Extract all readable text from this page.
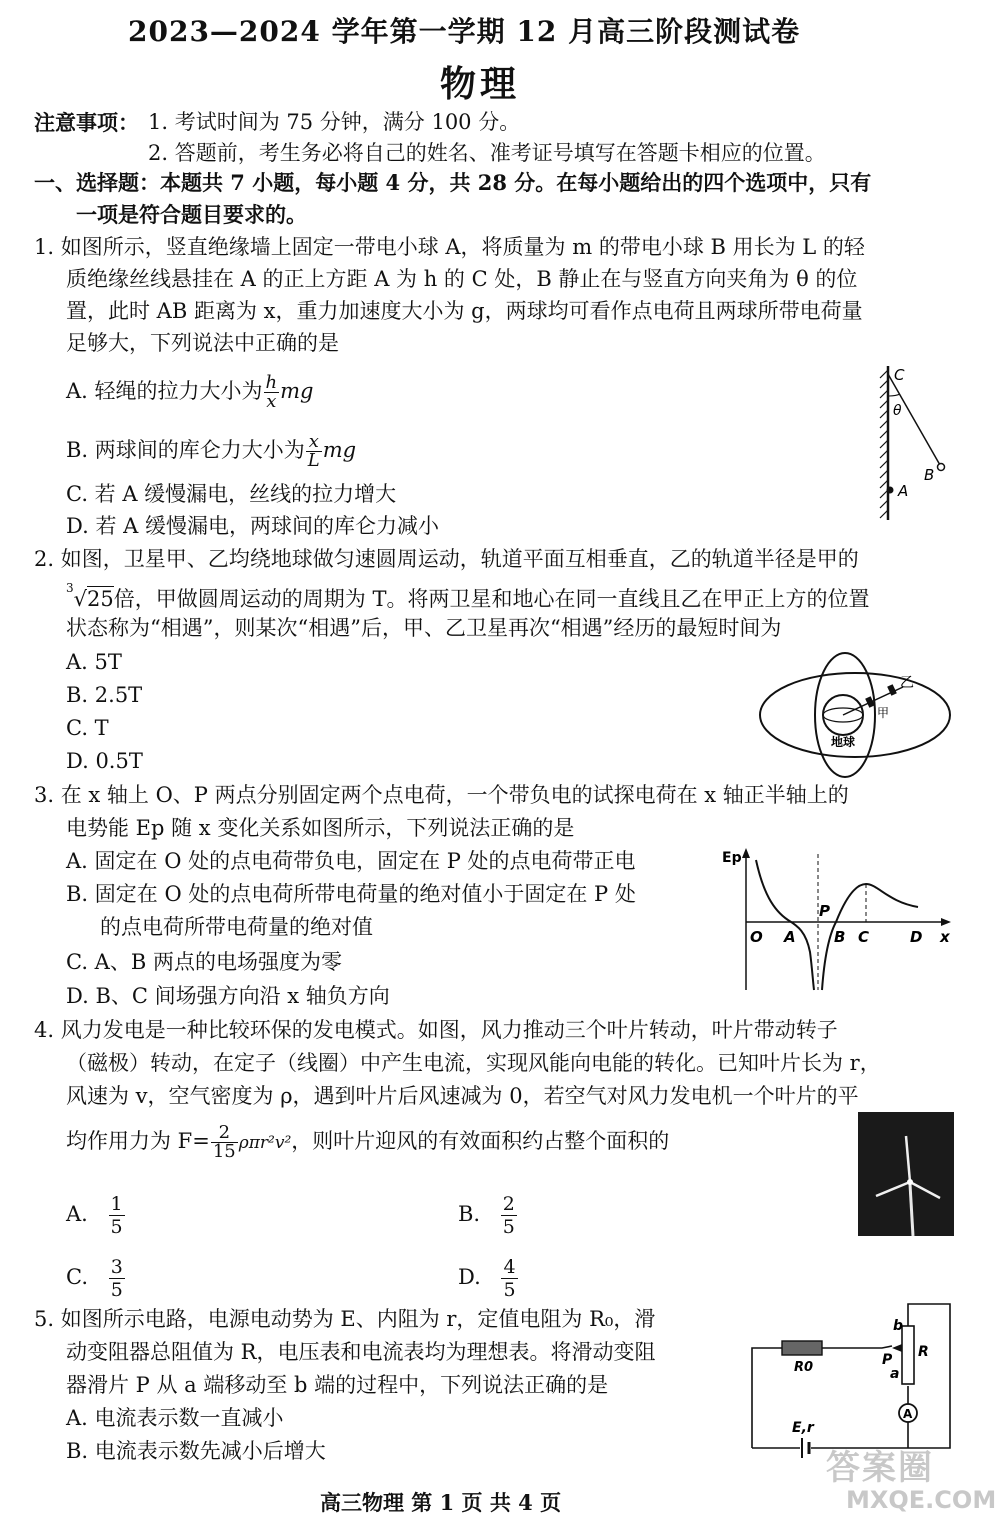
2023—2024 学年第一学期 12 月高三阶段测试卷
物理
注意事项： 1. 考试时间为 75 分钟，满分 100 分。
2. 答题前，考生务必将自己的姓名、准考证号填写在答题卡相应的位置。
一、选择题：本题共 7 小题，每小题 4 分，共 28 分。在每小题给出的四个选项中，只有
一项是符合题目要求的。
1. 如图所示，竖直绝缘墙上固定一带电小球 A，将质量为 m 的带电小球 B 用长为 L 的轻
质绝缘丝线悬挂在 A 的正上方距 A 为 h 的 C 处，B 静止在与竖直方向夹角为 θ 的位
置，此时 AB 距离为 x，重力加速度大小为 g，两球均可看作点电荷且两球所带电荷量
足够大，下列说法中正确的是
A. 轻绳的拉力大小为 $\frac{h}{x}$ mg
B. 两球间的库仑力大小为 $\frac{x}{L}$ mg
C. 若 A 缓慢漏电，丝线的拉力增大
D. 若 A 缓慢漏电，两球间的库仑力减小
C
θ
B
A
2. 如图，卫星甲、乙均绕地球做匀速圆周运动，轨道平面互相垂直，乙的轨道半径是甲的
$^3$√25倍，甲做圆周运动的周期为 T。将两卫星和地心在同一直线且乙在甲正上方的位置
状态称为“相遇”，则某次“相遇”后，甲、乙卫星再次“相遇”经历的最短时间为
A. 5T
B. 2.5T
C. T
D. 0.5T
乙
甲
地球
3. 在 x 轴上 O、P 两点分别固定两个点电荷，一个带负电的试探电荷在 x 轴正半轴上的
电势能 Ep 随 x 变化关系如图所示，下列说法正确的是
A. 固定在 O 处的点电荷带负电，固定在 P 处的点电荷带正电
B. 固定在 O 处的点电荷所带电荷量的绝对值小于固定在 P 处
的点电荷所带电荷量的绝对值
C. A、B 两点的电场强度为零
D. B、C 间场强方向沿 x 轴负方向
Ep
O A
P
B C	D x
4. 风力发电是一种比较环保的发电模式。如图，风力推动三个叶片转动，叶片带动转子
（磁极）转动，在定子（线圈）中产生电流，实现风能向电能的转化。已知叶片长为 r，
风速为 v，空气密度为 ρ，遇到叶片后风速减为 0，若空气对风力发电机一个叶片的平
均作用力为 $F= \frac{2}{15} \rho\pi r^2v^2$，则叶片迎风的有效面积约占整个面积的
A. $\frac{1}{5}$	B. $\frac{2}{5}$
C. $\frac{3}{5}$	D. $\frac{4}{5}$
5. 如图所示电路，电源电动势为 E、内阻为 r，定值电阻为 R₀，滑
动变阻器总阻值为 R，电压表和电流表均为理想表。将滑动变阻
器滑片 P 从 a 端移动至 b 端的过程中，下列说法正确的是
A. 电流表示数一直减小
B. 电流表示数先减小后增大
R0
b
R
P
a
E,r
A
高三物理 第 1 页 共 4 页
答案圈
MXQE.COM
